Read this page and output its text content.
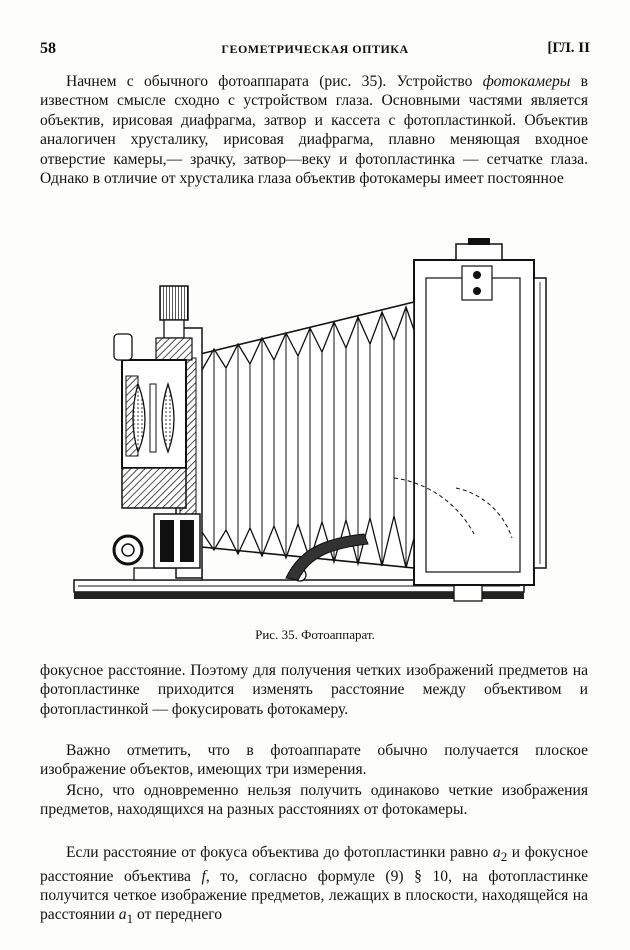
58	ГЕОМЕТРИЧЕСКАЯ ОПТИКА	[ГЛ. II

Начнем с обычного фотоаппарата (рис. 35). Устройство фотокамеры в известном смысле сходно с устройством глаза. Основными частями является объектив, ирисовая диафрагма, затвор и кассета с фотопластинкой. Объектив аналогичен хрусталику, ирисовая диафрагма, плавно меняющая входное отверстие камеры,— зрачку, затвор—веку и фотопластинка — сетчатке глаза. Однако в отличие от хрусталика глаза объектив фотокамеры имеет постоянное

Рис. 35. Фотоаппарат.

фокусное расстояние. Поэтому для получения четких изображений предметов на фотопластинке приходится изменять расстояние между объективом и фотопластинкой — фокусировать фотокамеру.

Важно отметить, что в фотоаппарате обычно получается плоское изображение объектов, имеющих три измерения.

Ясно, что одновременно нельзя получить одинаково четкие изображения предметов, находящихся на разных расстояниях от фотокамеры.

Если расстояние от фокуса объектива до фотопластинки равно $a_2$ и фокусное расстояние объектива f, то, согласно формуле (9) § 10, на фотопластинке получится четкое изображение предметов, лежащих в плоскости, находящейся на расстоянии $a_1$ от переднего
